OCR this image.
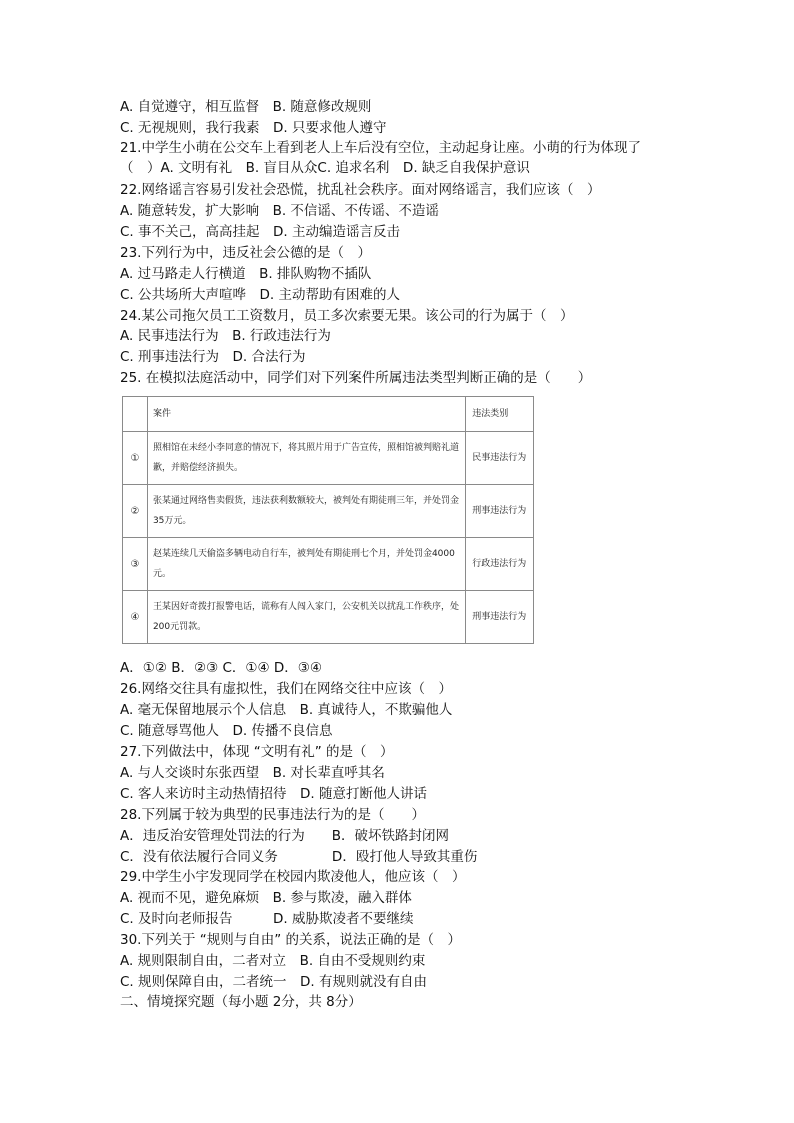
A. 自觉遵守，相互监督　B. 随意修改规则
C. 无视规则，我行我素　D. 只要求他人遵守
21.中学生小萌在公交车上看到老人上车后没有空位，主动起身让座。小萌的行为体现了
（　）A. 文明有礼　B. 盲目从众C. 追求名利　D. 缺乏自我保护意识
22.网络谣言容易引发社会恐慌，扰乱社会秩序。面对网络谣言，我们应该（　）
A. 随意转发，扩大影响　B. 不信谣、不传谣、不造谣
C. 事不关己，高高挂起　D. 主动编造谣言反击
23.下列行为中，违反社会公德的是（　）
A. 过马路走人行横道　B. 排队购物不插队
C. 公共场所大声喧哗　D. 主动帮助有困难的人
24.某公司拖欠员工工资数月，员工多次索要无果。该公司的行为属于（　）
A. 民事违法行为　B. 行政违法行为
C. 刑事违法行为　D. 合法行为
25. 在模拟法庭活动中，同学们对下列案件所属违法类型判断正确的是（　　）
	案件	违法类别
①	照相馆在未经小李同意的情况下，将其照片用于广告宣传，照相馆被判赔礼道歉，并赔偿经济损失。	民事违法行为
②	张某通过网络售卖假货，违法获利数额较大，被判处有期徒刑三年，并处罚金35万元。	刑事违法行为
③	赵某连续几天偷盗多辆电动自行车，被判处有期徒刑七个月，并处罚金4000元。	行政违法行为
④	王某因好奇拨打报警电话，谎称有人闯入家门，公安机关以扰乱工作秩序，处200元罚款。	刑事违法行为
A．①② B．②③ C．①④ D．③④
26.网络交往具有虚拟性，我们在网络交往中应该（　）
A. 毫无保留地展示个人信息　B. 真诚待人，不欺骗他人
C. 随意辱骂他人　D. 传播不良信息
27.下列做法中，体现 “文明有礼” 的是（　）
A. 与人交谈时东张西望　B. 对长辈直呼其名
C. 客人来访时主动热情招待　D. 随意打断他人讲话
28.下列属于较为典型的民事违法行为的是（　　）
A．违反治安管理处罚法的行为　　B．破坏铁路封闭网
C．没有依法履行合同义务　　　　D．殴打他人导致其重伤
29.中学生小宇发现同学在校园内欺凌他人，他应该（　）
A. 视而不见，避免麻烦　B. 参与欺凌，融入群体
C. 及时向老师报告　　　D. 威胁欺凌者不要继续
30.下列关于 “规则与自由” 的关系，说法正确的是（　）
A. 规则限制自由，二者对立　B. 自由不受规则约束
C. 规则保障自由，二者统一　D. 有规则就没有自由
二、情境探究题（每小题 2分，共 8分）
